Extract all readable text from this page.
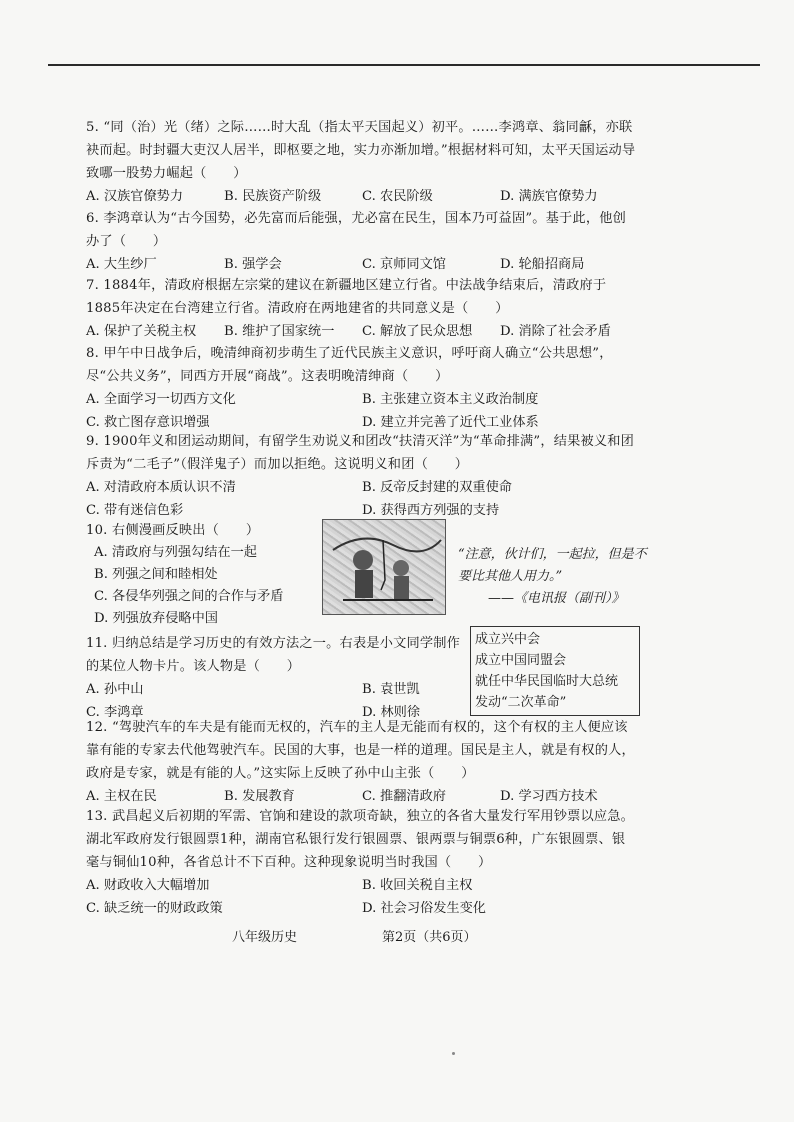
5. “同（治）光（绪）之际……时大乱（指太平天国起义）初平。……李鸿章、翁同龢，亦联袂而起。时封疆大吏汉人居半，即枢要之地，实力亦渐加增。”根据材料可知，太平天国运动导致哪一股势力崛起（　　）

A. 汉族官僚势力	B. 民族资产阶级	C. 农民阶级	D. 满族官僚势力

6. 李鸿章认为“古今国势，必先富而后能强，尤必富在民生，国本乃可益固”。基于此，他创办了（　　）

A. 大生纱厂	B. 强学会	C. 京师同文馆	D. 轮船招商局

7. 1884年，清政府根据左宗棠的建议在新疆地区建立行省。中法战争结束后，清政府于1885年决定在台湾建立行省。清政府在两地建省的共同意义是（　　）

A. 保护了关税主权	B. 维护了国家统一	C. 解放了民众思想	D. 消除了社会矛盾

8. 甲午中日战争后，晚清绅商初步萌生了近代民族主义意识，呼吁商人确立“公共思想”，尽“公共义务”，同西方开展“商战”。这表明晚清绅商（　　）

A. 全面学习一切西方文化	B. 主张建立资本主义政治制度
C. 救亡图存意识增强	D. 建立并完善了近代工业体系

9. 1900年义和团运动期间，有留学生劝说义和团改“扶清灭洋”为“革命排满”，结果被义和团斥责为“二毛子”（假洋鬼子）而加以拒绝。这说明义和团（　　）

A. 对清政府本质认识不清	B. 反帝反封建的双重使命
C. 带有迷信色彩	D. 获得西方列强的支持

10. 右侧漫画反映出（　　）

A. 清政府与列强勾结在一起
B. 列强之间和睦相处
C. 各侵华列强之间的合作与矛盾
D. 列强放弃侵略中国
“注意，伙计们，一起拉，但是不要比其他人用力。”
——《电讯报（副刊）》

11. 归纳总结是学习历史的有效方法之一。右表是小文同学制作的某位人物卡片。该人物是（　　）

A. 孙中山	B. 袁世凯
C. 李鸿章	D. 林则徐
成立兴中会
成立中国同盟会
就任中华民国临时大总统
发动“二次革命”

12. “驾驶汽车的车夫是有能而无权的，汽车的主人是无能而有权的，这个有权的主人便应该靠有能的专家去代他驾驶汽车。民国的大事，也是一样的道理。国民是主人，就是有权的人，政府是专家，就是有能的人。”这实际上反映了孙中山主张（　　）

A. 主权在民	B. 发展教育	C. 推翻清政府	D. 学习西方技术

13. 武昌起义后初期的军需、官饷和建设的款项奇缺，独立的各省大量发行军用钞票以应急。湖北军政府发行银圆票1种，湖南官私银行发行银圆票、银两票与铜票6种，广东银圆票、银毫与铜仙10种，各省总计不下百种。这种现象说明当时我国（　　）

A. 财政收入大幅增加	B. 收回关税自主权
C. 缺乏统一的财政政策	D. 社会习俗发生变化
八年级历史	第2页（共6页）
